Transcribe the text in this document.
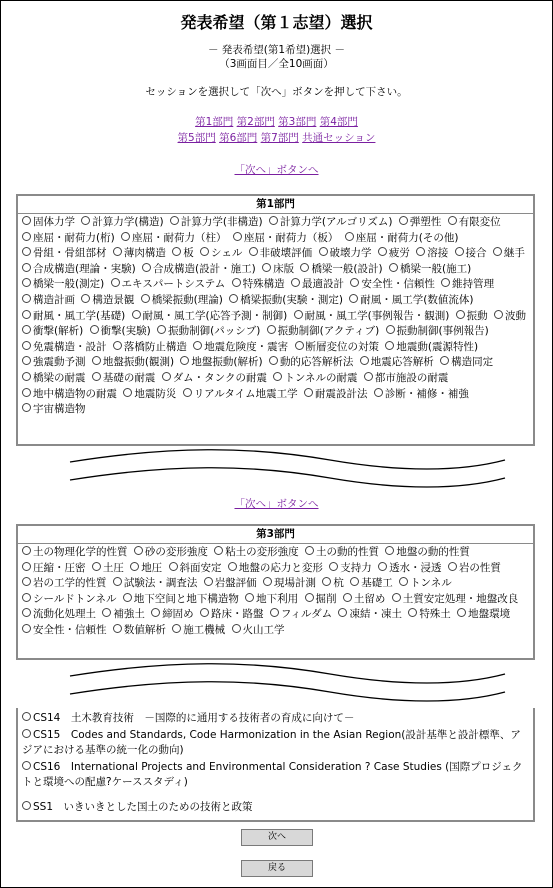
発表希望（第１志望）選択
－ 発表希望(第1希望)選択 －
（3画面目／全10画面）
セッションを選択して「次へ」ボタンを押して下さい。
第1部門 第2部門 第3部門 第4部門
第5部門 第6部門 第7部門 共通セッション
「次へ」ボタンへ
第1部門
固体力学 計算力学(構造) 計算力学(非構造) 計算力学(アルゴリズム) 弾塑性 有限変位 座屈・耐荷力(桁) 座屈・耐荷力（柱） 座屈・耐荷力（板） 座屈・耐荷力(その他) 骨組・骨組部材 薄肉構造 板 シェル 非破壊評価 破壊力学 疲労 溶接 接合 継手 合成構造(理論・実験) 合成構造(設計・施工) 床版 橋梁一般(設計) 橋梁一般(施工) 橋梁一般(測定) エキスパートシステム 特殊構造 最適設計 安全性・信頼性 維持管理 構造計画 構造景観 橋梁振動(理論) 橋梁振動(実験・測定) 耐風・風工学(数値流体) 耐風・風工学(基礎) 耐風・風工学(応答予測・制御) 耐風・風工学(事例報告・観測) 振動 波動 衝撃(解析) 衝撃(実験) 振動制御(パッシブ) 振動制御(アクティブ) 振動制御(事例報告) 免震構造・設計 落橋防止構造 地震危険度・震害 断層変位の対策 地震動(震源特性) 強震動予測 地盤振動(観測) 地盤振動(解析) 動的応答解析法 地震応答解析 構造同定 橋梁の耐震 基礎の耐震 ダム・タンクの耐震 トンネルの耐震 都市施設の耐震 地中構造物の耐震 地震防災 リアルタイム地震工学 耐震設計法 診断・補修・補強 宇宙構造物
「次へ」ボタンへ
第3部門
土の物理化学的性質 砂の変形強度 粘土の変形強度 土の動的性質 地盤の動的性質 圧縮・圧密 土圧 地圧 斜面安定 地盤の応力と変形 支持力 透水・浸透 岩の性質 岩の工学的性質 試験法・調査法 岩盤評価 現場計測 杭 基礎工 トンネル シールドトンネル 地下空间と地下構造物 地下利用 掘削 土留め 土質安定処理・地盤改良 流動化処理土 補強土 締固め 路床・路盤 フィルダム 凍結・凍土 特殊土 地盤環境 安全性・信頼性 数値解析 施工機械 火山工学
CS14　土木教育技術　－国際的に通用する技術者の育成に向けて－
CS15　Codes and Standards, Code Harmonization in the Asian Region(設計基準と設計標準、アジアにおける基準の統一化の動向)
CS16　International Projects and Environmental Consideration ? Case Studies (国際プロジェクトと環境への配慮?ケーススタディ)
SS1　いきいきとした国土のための技術と政策
次へ
戻る
